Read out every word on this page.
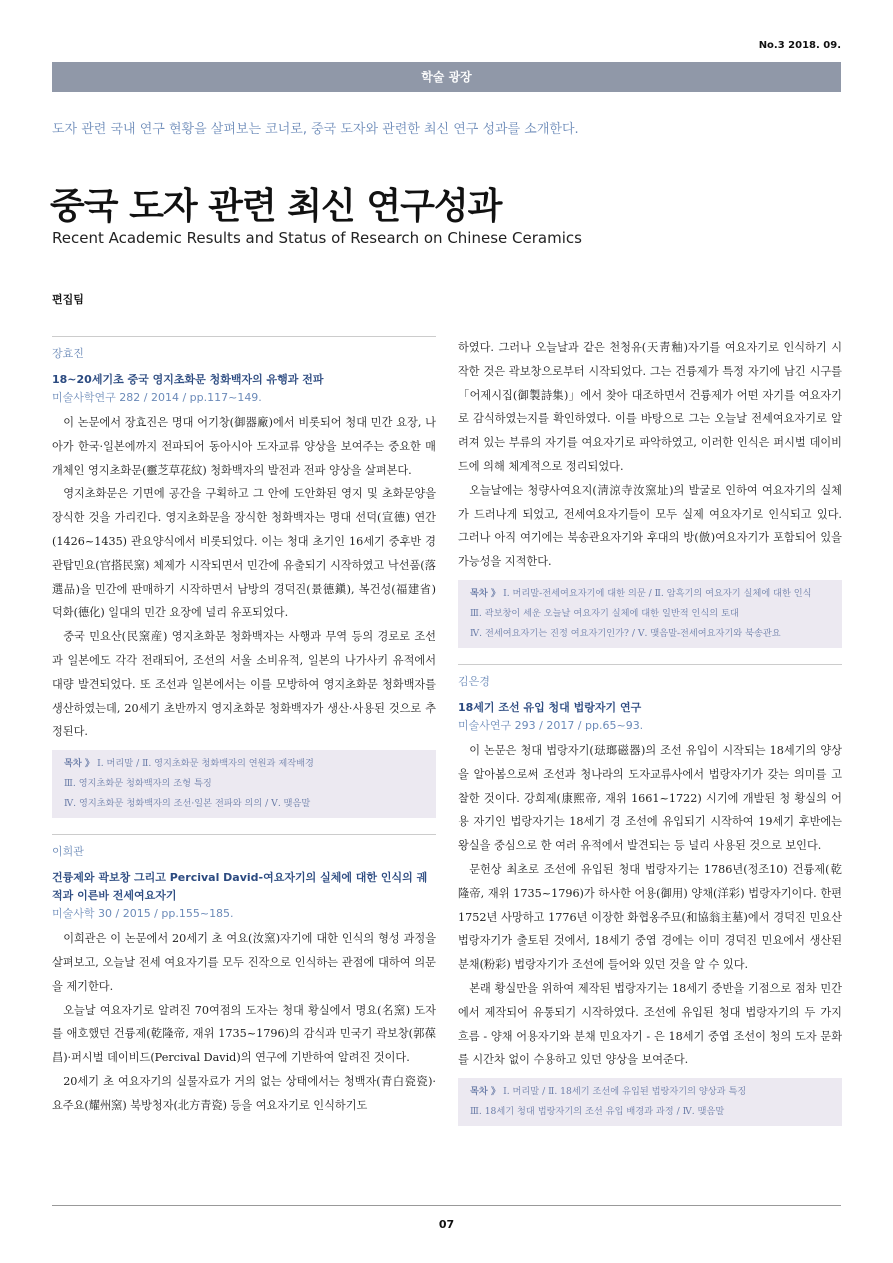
No.3 2018. 09.
학술 광장
도자 관련 국내 연구 현황을 살펴보는 코너로, 중국 도자와 관련한 최신 연구 성과를 소개한다.
중국 도자 관련 최신 연구성과
Recent Academic Results and Status of Research on Chinese Ceramics
편집팀
장효진
18~20세기초 중국 영지초화문 청화백자의 유행과 전파
미술사학연구 282 / 2014 / pp.117~149.

이 논문에서 장효진은 명대 어기창(御器廠)에서 비롯되어 청대 민간 요장, 나아가 한국·일본에까지 전파되어 동아시아 도자교류 양상을 보여주는 중요한 매개체인 영지초화문(靈芝草花紋) 청화백자의 발전과 전파 양상을 살펴본다.

영지초화문은 기면에 공간을 구획하고 그 안에 도안화된 영지 및 초화문양을 장식한 것을 가리킨다. 영지초화문을 장식한 청화백자는 명대 선덕(宣德) 연간(1426~1435) 관요양식에서 비롯되었다. 이는 청대 초기인 16세기 중후반 경 관탑민요(官搭民窯) 체제가 시작되면서 민간에 유출되기 시작하였고 낙선품(落選品)을 민간에 판매하기 시작하면서 남방의 경덕진(景德鎭), 복건성(福建省) 덕화(德化) 일대의 민간 요장에 널리 유포되었다.

중국 민요산(民窯産) 영지초화문 청화백자는 사행과 무역 등의 경로로 조선과 일본에도 각각 전래되어, 조선의 서울 소비유적, 일본의 나가사키 유적에서 대량 발견되었다. 또 조선과 일본에서는 이를 모방하여 영지초화문 청화백자를 생산하였는데, 20세기 초반까지 영지초화문 청화백자가 생산·사용된 것으로 추정된다.

목차 》 Ⅰ. 머리말 / Ⅱ. 영지초화문 청화백자의 연원과 제작배경
Ⅲ. 영지초화문 청화백자의 조형 특징
Ⅳ. 영지초화문 청화백자의 조선·일본 전파와 의의 / Ⅴ. 맺음말
이희관
건륭제와 곽보창 그리고 Percival David-여요자기의 실체에 대한 인식의 궤적과 이른바 전세여요자기
미술사학 30 / 2015 / pp.155~185.

이희관은 이 논문에서 20세기 초 여요(汝窯)자기에 대한 인식의 형성 과정을 살펴보고, 오늘날 전세 여요자기를 모두 진작으로 인식하는 관점에 대하여 의문을 제기한다.

오늘날 여요자기로 알려진 70여점의 도자는 청대 황실에서 명요(名窯) 도자를 애호했던 건륭제(乾隆帝, 재위 1735~1796)의 감식과 민국기 곽보창(郭葆昌)·퍼시벌 데이비드(Percival David)의 연구에 기반하여 알려진 것이다.

20세기 초 여요자기의 실물자료가 거의 없는 상태에서는 청백자(青白瓷瓷)·요주요(耀州窯) 북방청자(北方青瓷) 등을 여요자기로 인식하기도

하였다. 그러나 오늘날과 같은 천청유(天靑釉)자기를 여요자기로 인식하기 시작한 것은 곽보창으로부터 시작되었다. 그는 건륭제가 특정 자기에 남긴 시구를「어제시집(御製詩集)」에서 찾아 대조하면서 건륭제가 어떤 자기를 여요자기로 감식하였는지를 확인하였다. 이를 바탕으로 그는 오늘날 전세여요자기로 알려져 있는 부류의 자기를 여요자기로 파악하였고, 이러한 인식은 퍼시벌 데이비드에 의해 체계적으로 정리되었다.

오늘날에는 청량사여요지(淸涼寺汝窯址)의 발굴로 인하여 여요자기의 실체가 드러나게 되었고, 전세여요자기들이 모두 실제 여요자기로 인식되고 있다. 그러나 아직 여기에는 북송관요자기와 후대의 방(倣)여요자기가 포함되어 있을 가능성을 지적한다.

목차 》 Ⅰ. 머리말-전세여요자기에 대한 의문 / Ⅱ. 암흑기의 여요자기 실체에 대한 인식
Ⅲ. 곽보창이 세운 오늘날 여요자기 실체에 대한 일반적 인식의 토대
Ⅳ. 전세여요자기는 진정 여요자기인가? / Ⅴ. 맺음말-전세여요자기와 북송관요
김은경
18세기 조선 유입 청대 법랑자기 연구
미술사연구 293 / 2017 / pp.65~93.

이 논문은 청대 법랑자기(琺瑯磁器)의 조선 유입이 시작되는 18세기의 양상을 알아봄으로써 조선과 청나라의 도자교류사에서 법랑자기가 갖는 의미를 고찰한 것이다. 강희제(康熙帝, 재위 1661~1722) 시기에 개발된 청 황실의 어용 자기인 법랑자기는 18세기 경 조선에 유입되기 시작하여 19세기 후반에는 왕실을 중심으로 한 여러 유적에서 발견되는 등 널리 사용된 것으로 보인다.

문헌상 최초로 조선에 유입된 청대 법랑자기는 1786년(정조10) 건륭제(乾隆帝, 재위 1735~1796)가 하사한 어용(御用) 양채(洋彩) 법랑자기이다. 한편 1752년 사망하고 1776년 이장한 화협옹주묘(和協翁主墓)에서 경덕진 민요산 법랑자기가 출토된 것에서, 18세기 중엽 경에는 이미 경덕진 민요에서 생산된 분채(粉彩) 법랑자기가 조선에 들어와 있던 것을 알 수 있다.

본래 황실만을 위하여 제작된 법랑자기는 18세기 중반을 기점으로 점차 민간에서 제작되어 유통되기 시작하였다. 조선에 유입된 청대 법랑자기의 두 가지 흐름 - 양채 어용자기와 분채 민요자기 - 은 18세기 중엽 조선이 청의 도자 문화를 시간차 없이 수용하고 있던 양상을 보여준다.

목차 》 Ⅰ. 머리말 / Ⅱ. 18세기 조선에 유입된 법랑자기의 양상과 특징
Ⅲ. 18세기 청대 법랑자기의 조선 유입 배경과 과정 / Ⅳ. 맺음말
07
